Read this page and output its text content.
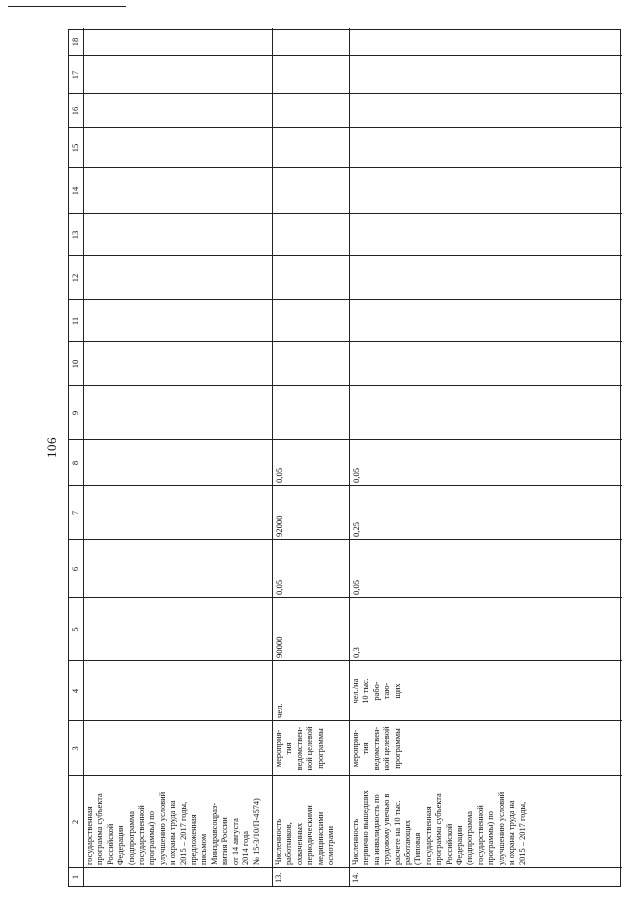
106
1
2
3
4
5
6
7
8
9
10
11
12
13
14
15
16
17
18
государственная
программа субъекта
Российской
Федерации
(подпрограмма
государственной
программы) по
улучшению условий
и охраны труда на
2015 – 2017 годы,
предложенная
письмом
Минздравсоцраз-
вития России
от 14 августа
2014 года
№ 15-3/10/П-4574)
13.
Численность
работников,
охваченных
периодическими
медицинскими
осмотрами
мероприя-
тия
ведомствен-
ной целевой
программы
чел.
90000
0,05
92000
0,05
14.
Численность
первично вышедших
на инвалидность по
трудовому увечью в
расчете на 10 тыс.
работающих
(Типовая
государственная
программа субъекта
Российской
Федерации
(подпрограмма
государственной
программы) по
улучшению условий
и охраны труда на
2015 – 2017 годы,
мероприя-
тия
ведомствен-
ной целевой
программы
чел./на
10 тыс.
рабо-
таю-
щих
0,3
0,05
0,25
0,05
